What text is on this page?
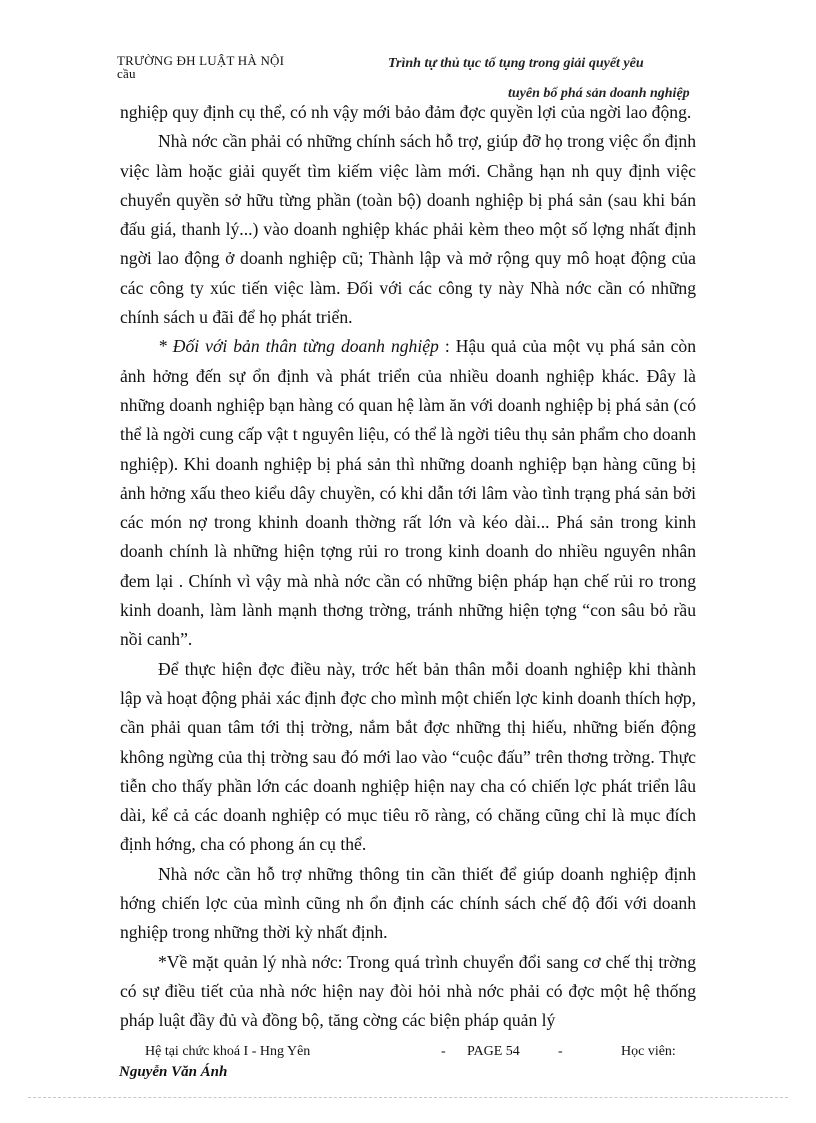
TRƯỜNG ĐH LUẬT HÀ NỘI
cầu
Trình tự thủ tục tố tụng trong giải quyết yêu
tuyên bố phá sản doanh nghiệp

nghiệp quy định cụ thể, có nh vậy mới bảo đảm đợc quyền lợi của ngời lao động.

Nhà nớc cần phải có những chính sách hỗ trợ, giúp đỡ họ trong việc ổn định việc làm hoặc giải quyết tìm kiếm việc làm mới. Chẳng hạn nh quy định việc chuyển quyền sở hữu từng phần (toàn bộ) doanh nghiệp bị phá sản (sau khi bán đấu giá, thanh lý...) vào doanh nghiệp khác phải kèm theo một số lợng nhất định ngời lao động ở doanh nghiệp cũ; Thành lập và mở rộng quy mô hoạt động của các công ty xúc tiến việc làm. Đối với các công ty này Nhà nớc cần có những chính sách u đãi để họ phát triển.

* Đối với bản thân từng doanh nghiệp : Hậu quả của một vụ phá sản còn ảnh hởng đến sự ổn định và phát triển của nhiều doanh nghiệp khác. Đây là những doanh nghiệp bạn hàng có quan hệ làm ăn với doanh nghiệp bị phá sản (có thể là ngời cung cấp vật t nguyên liệu, có thể là ngời tiêu thụ sản phẩm cho doanh nghiệp). Khi doanh nghiệp bị phá sản thì những doanh nghiệp bạn hàng cũng bị ảnh hởng xấu theo kiểu dây chuyền, có khi dẫn tới lâm vào tình trạng phá sản bởi các món nợ trong khinh doanh thờng rất lớn và kéo dài... Phá sản trong kinh doanh chính là những hiện tợng rủi ro trong kinh doanh do nhiều nguyên nhân đem lại . Chính vì vậy mà nhà nớc cần có những biện pháp hạn chế rủi ro trong kinh doanh, làm lành mạnh thơng trờng, tránh những hiện tợng “con sâu bỏ rầu nồi canh”.

Để thực hiện đợc điều này, trớc hết bản thân mỗi doanh nghiệp khi thành lập và hoạt động phải xác định đợc cho mình một chiến lợc kinh doanh thích hợp, cần phải quan tâm tới thị trờng, nắm bắt đợc những thị hiếu, những biến động không ngừng của thị trờng sau đó mới lao vào “cuộc đấu” trên thơng trờng. Thực tiễn cho thấy phần lớn các doanh nghiệp hiện nay cha có chiến lợc phát triển lâu dài, kể cả các doanh nghiệp có mục tiêu rõ ràng, có chăng cũng chỉ là mục đích định hớng, cha có phong án cụ thể.

Nhà nớc cần hỗ trợ những thông tin cần thiết để giúp doanh nghiệp định hớng chiến lợc của mình cũng nh ổn định các chính sách chế độ đối với doanh nghiệp trong những thời kỳ nhất định.

*Về mặt quản lý nhà nớc: Trong quá trình chuyển đổi sang cơ chế thị trờng có sự điều tiết của nhà nớc hiện nay đòi hỏi nhà nớc phải có đợc một hệ thống pháp luật đầy đủ và đồng bộ, tăng cờng các biện pháp quản lý

Hệ tại chức khoá I - Hng Yên	- PAGE 54	-	Học viên:
Nguyễn Văn Ánh
